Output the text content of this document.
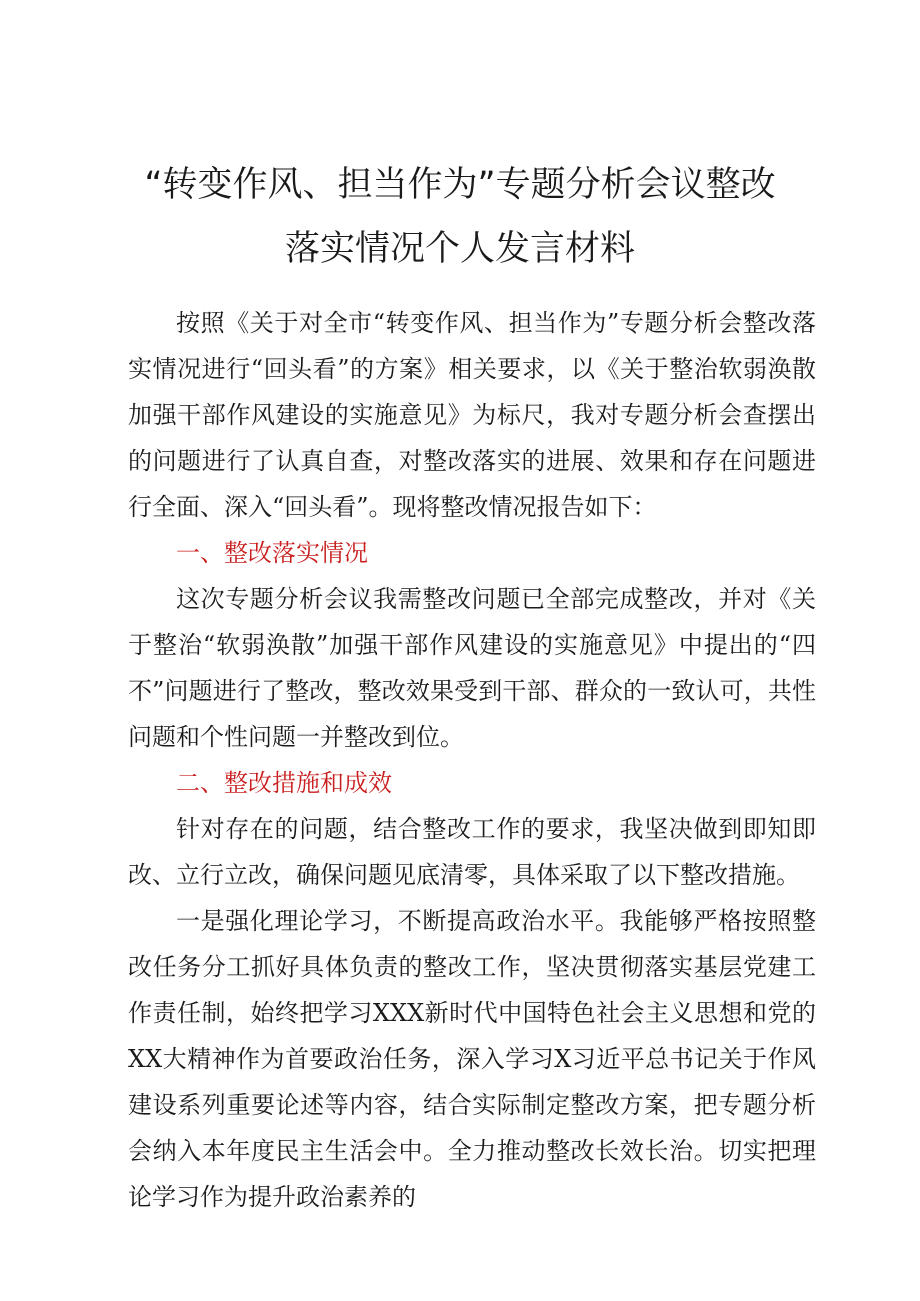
“转变作风、担当作为”专题分析会议整改
落实情况个人发言材料

按照《关于对全市“转变作风、担当作为”专题分析会整改落实情况进行“回头看”的方案》相关要求，以《关于整治软弱涣散加强干部作风建设的实施意见》为标尺，我对专题分析会查摆出的问题进行了认真自查，对整改落实的进展、效果和存在问题进行全面、深入“回头看”。现将整改情况报告如下：

一、整改落实情况

这次专题分析会议我需整改问题已全部完成整改，并对《关于整治“软弱涣散”加强干部作风建设的实施意见》中提出的“四不”问题进行了整改，整改效果受到干部、群众的一致认可，共性问题和个性问题一并整改到位。

二、整改措施和成效

针对存在的问题，结合整改工作的要求，我坚决做到即知即改、立行立改，确保问题见底清零，具体采取了以下整改措施。

一是强化理论学习，不断提高政治水平。我能够严格按照整改任务分工抓好具体负责的整改工作，坚决贯彻落实基层党建工作责任制，始终把学习XXX新时代中国特色社会主义思想和党的XX大精神作为首要政治任务，深入学习X习近平总书记关于作风建设系列重要论述等内容，结合实际制定整改方案，把专题分析会纳入本年度民主生活会中。全力推动整改长效长治。切实把理论学习作为提升政治素养的
